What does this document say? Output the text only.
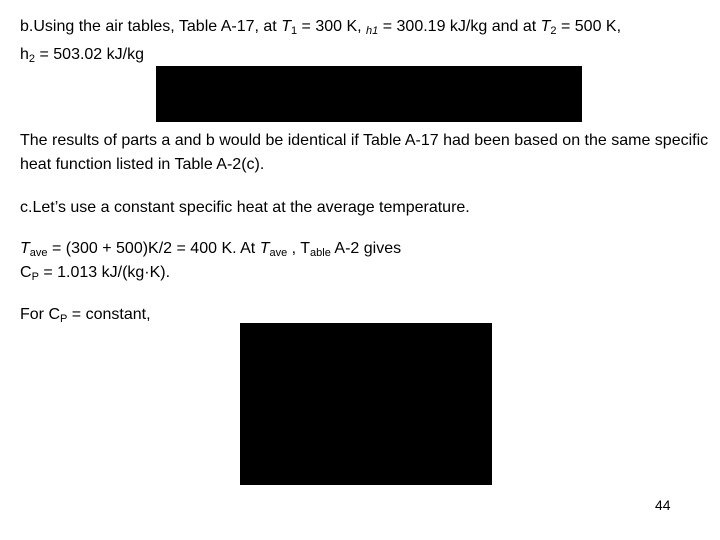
b.Using the air tables, Table A-17, at $T_1 = 300$ K, h1 = 300.19 kJ/kg and at $T_2 = 500$ K,
$h_2 = 503.02$ kJ/kg

The results of parts a and b would be identical if Table A-17 had been based on the same specific heat function listed in Table A-2(c).

c.Let’s use a constant specific heat at the average temperature.

$T_{ave} = (300 + 500)K/2 = 400$ K. At $T_{ave}$ , $T_{able}$ A-2 gives
$C_P = 1.013$ kJ/(kg·K).

For $C_P$ = constant,

44
